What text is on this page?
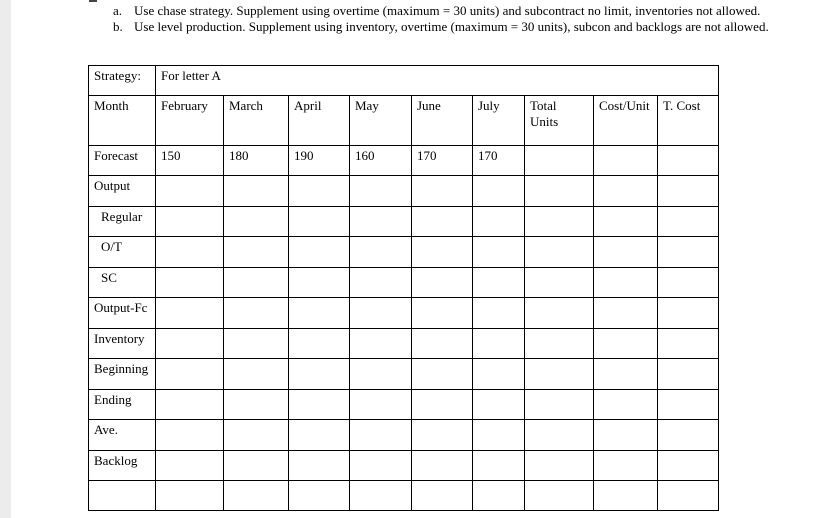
a. Use chase strategy. Supplement using overtime (maximum = 30 units) and subcontract no limit, inventories not allowed.
b. Use level production. Supplement using inventory, overtime (maximum = 30 units), subcon and backlogs are not allowed.
Strategy:	For letter A								
Month	February	March	April	May	June	July	Total Units	Cost/Unit	T. Cost
Forecast	150	180	190	160	170	170			
Output									
Regular									
O/T									
SC									
Output-Fc									
Inventory									
Beginning									
Ending									
Ave.									
Backlog									
